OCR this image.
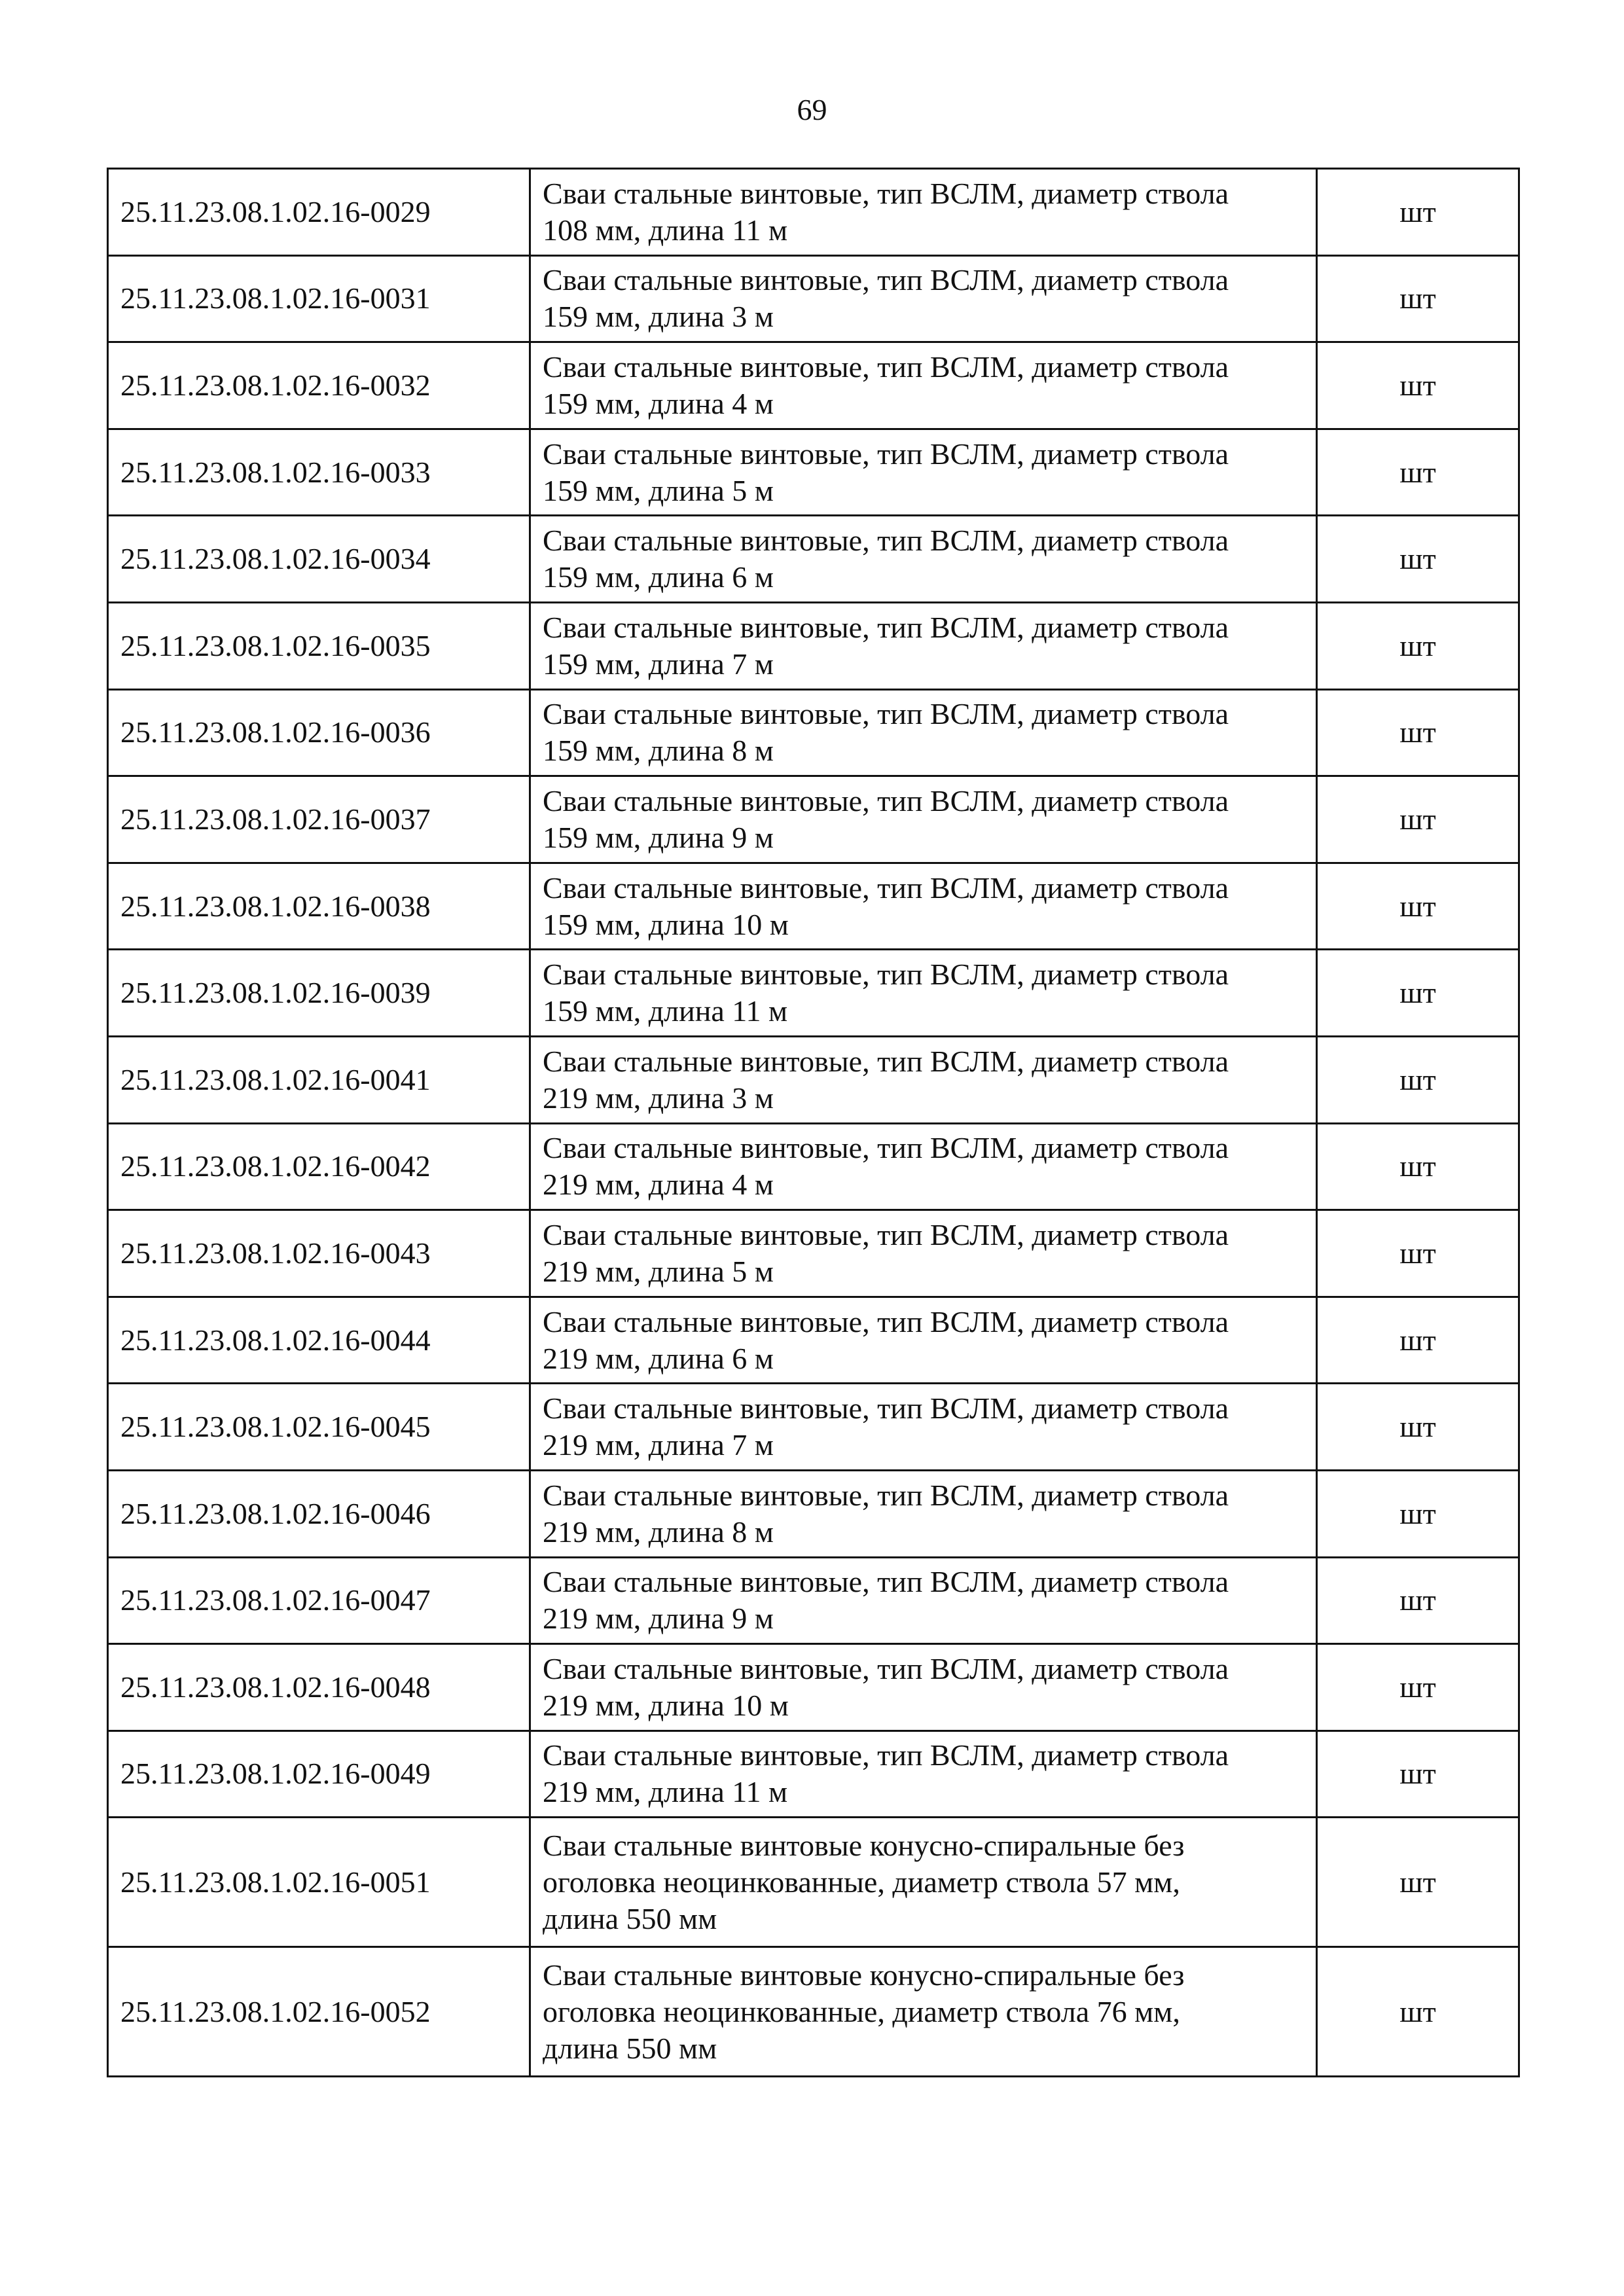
69
25.11.23.08.1.02.16-0029	Сваи стальные винтовые, тип ВСЛМ, диаметр ствола
108 мм, длина 11 м	шт
25.11.23.08.1.02.16-0031	Сваи стальные винтовые, тип ВСЛМ, диаметр ствола
159 мм, длина 3 м	шт
25.11.23.08.1.02.16-0032	Сваи стальные винтовые, тип ВСЛМ, диаметр ствола
159 мм, длина 4 м	шт
25.11.23.08.1.02.16-0033	Сваи стальные винтовые, тип ВСЛМ, диаметр ствола
159 мм, длина 5 м	шт
25.11.23.08.1.02.16-0034	Сваи стальные винтовые, тип ВСЛМ, диаметр ствола
159 мм, длина 6 м	шт
25.11.23.08.1.02.16-0035	Сваи стальные винтовые, тип ВСЛМ, диаметр ствола
159 мм, длина 7 м	шт
25.11.23.08.1.02.16-0036	Сваи стальные винтовые, тип ВСЛМ, диаметр ствола
159 мм, длина 8 м	шт
25.11.23.08.1.02.16-0037	Сваи стальные винтовые, тип ВСЛМ, диаметр ствола
159 мм, длина 9 м	шт
25.11.23.08.1.02.16-0038	Сваи стальные винтовые, тип ВСЛМ, диаметр ствола
159 мм, длина 10 м	шт
25.11.23.08.1.02.16-0039	Сваи стальные винтовые, тип ВСЛМ, диаметр ствола
159 мм, длина 11 м	шт
25.11.23.08.1.02.16-0041	Сваи стальные винтовые, тип ВСЛМ, диаметр ствола
219 мм, длина 3 м	шт
25.11.23.08.1.02.16-0042	Сваи стальные винтовые, тип ВСЛМ, диаметр ствола
219 мм, длина 4 м	шт
25.11.23.08.1.02.16-0043	Сваи стальные винтовые, тип ВСЛМ, диаметр ствола
219 мм, длина 5 м	шт
25.11.23.08.1.02.16-0044	Сваи стальные винтовые, тип ВСЛМ, диаметр ствола
219 мм, длина 6 м	шт
25.11.23.08.1.02.16-0045	Сваи стальные винтовые, тип ВСЛМ, диаметр ствола
219 мм, длина 7 м	шт
25.11.23.08.1.02.16-0046	Сваи стальные винтовые, тип ВСЛМ, диаметр ствола
219 мм, длина 8 м	шт
25.11.23.08.1.02.16-0047	Сваи стальные винтовые, тип ВСЛМ, диаметр ствола
219 мм, длина 9 м	шт
25.11.23.08.1.02.16-0048	Сваи стальные винтовые, тип ВСЛМ, диаметр ствола
219 мм, длина 10 м	шт
25.11.23.08.1.02.16-0049	Сваи стальные винтовые, тип ВСЛМ, диаметр ствола
219 мм, длина 11 м	шт
25.11.23.08.1.02.16-0051	Сваи стальные винтовые конусно-спиральные без
оголовка неоцинкованные, диаметр ствола 57 мм,
длина 550 мм	шт
25.11.23.08.1.02.16-0052	Сваи стальные винтовые конусно-спиральные без
оголовка неоцинкованные, диаметр ствола 76 мм,
длина 550 мм	шт
